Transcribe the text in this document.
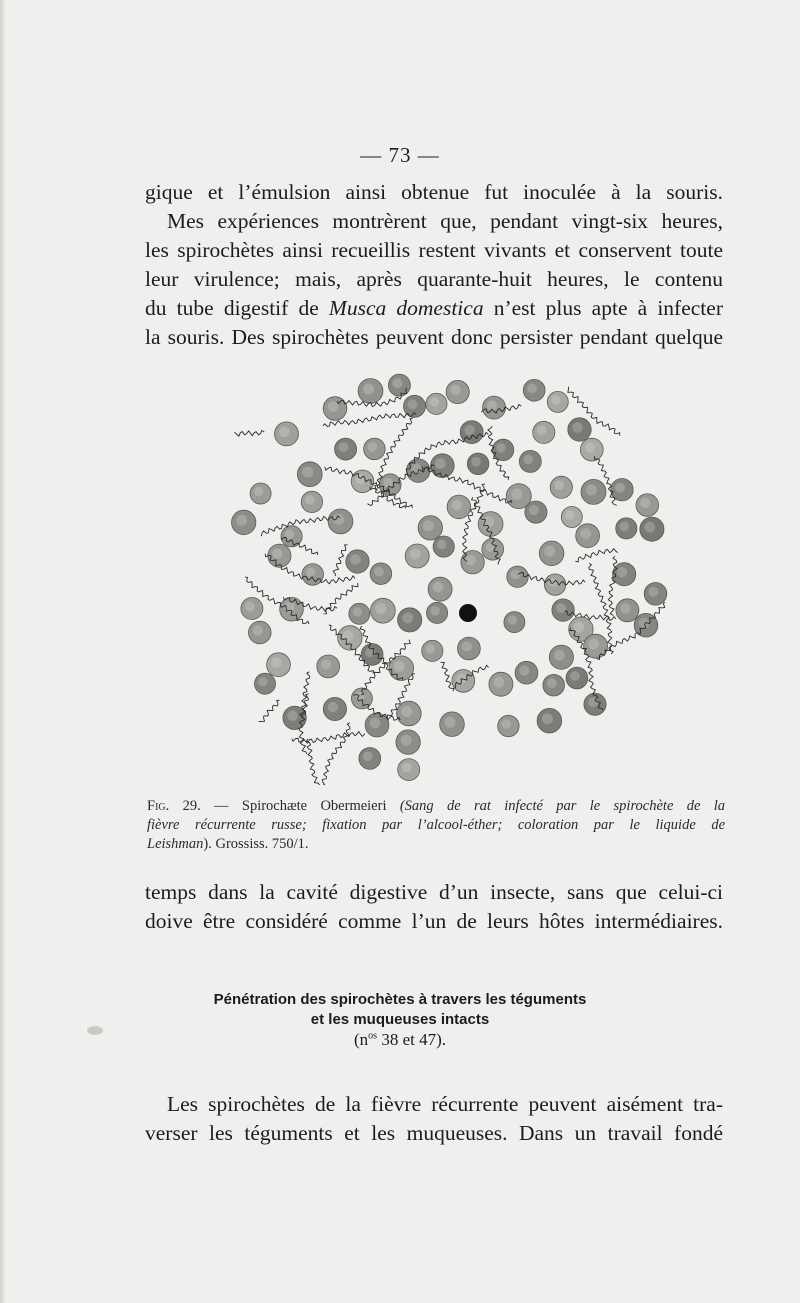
— 73 —
gique et l’émulsion ainsi obtenue fut inoculée à la souris.
Mes expériences montrèrent que, pendant vingt-six heures,
les spirochètes ainsi recueillis restent vivants et conservent toute
leur virulence; mais, après quarante-huit heures, le contenu
du tube digestif de Musca domestica n’est plus apte à infecter
la souris. Des spirochètes peuvent donc persister pendant quelque
Fig. 29. — Spirochæte Obermeieri (Sang de rat infecté par le spirochète de la
fièvre récurrente russe; fixation par l’alcool-éther; coloration par le liquide de
Leishman). Grossiss. 750/1.
temps dans la cavité digestive d’un insecte, sans que celui-ci
doive être considéré comme l’un de leurs hôtes intermédiaires.
Pénétration des spirochètes à travers les téguments
et les muqueuses intacts
($n^{os}$ 38 et 47).
Les spirochètes de la fièvre récurrente peuvent aisément tra-
verser les téguments et les muqueuses. Dans un travail fondé
